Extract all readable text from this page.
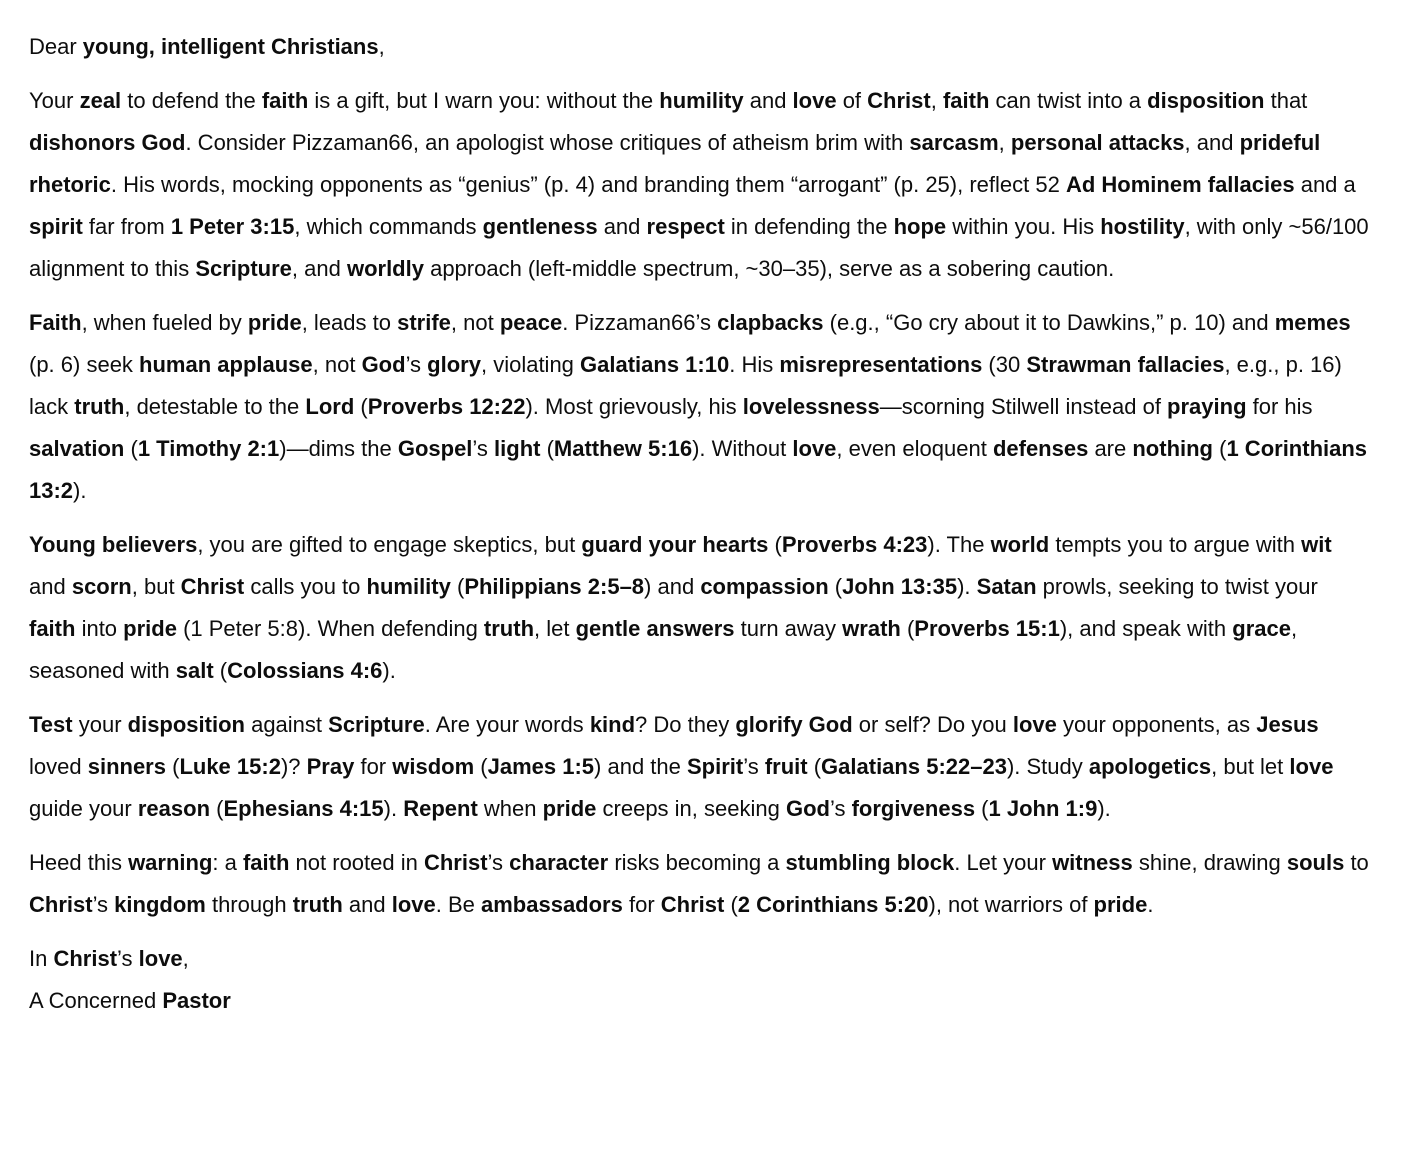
Dear young, intelligent Christians,

Your zeal to defend the faith is a gift, but I warn you: without the humility and love of Christ, faith can twist into a disposition that dishonors God. Consider Pizzaman66, an apologist whose critiques of atheism brim with sarcasm, personal attacks, and prideful rhetoric. His words, mocking opponents as “genius” (p. 4) and branding them “arrogant” (p. 25), reflect 52 Ad Hominem fallacies and a spirit far from 1 Peter 3:15, which commands gentleness and respect in defending the hope within you. His hostility, with only ~56/100 alignment to this Scripture, and worldly approach (left-middle spectrum, ~30–35), serve as a sobering caution.

Faith, when fueled by pride, leads to strife, not peace. Pizzaman66’s clapbacks (e.g., “Go cry about it to Dawkins,” p. 10) and memes (p. 6) seek human applause, not God’s glory, violating Galatians 1:10. His misrepresentations (30 Strawman fallacies, e.g., p. 16) lack truth, detestable to the Lord (Proverbs 12:22). Most grievously, his lovelessness—scorning Stilwell instead of praying for his salvation (1 Timothy 2:1)—dims the Gospel’s light (Matthew 5:16). Without love, even eloquent defenses are nothing (1 Corinthians 13:2).

Young believers, you are gifted to engage skeptics, but guard your hearts (Proverbs 4:23). The world tempts you to argue with wit and scorn, but Christ calls you to humility (Philippians 2:5–8) and compassion (John 13:35). Satan prowls, seeking to twist your faith into pride (1 Peter 5:8). When defending truth, let gentle answers turn away wrath (Proverbs 15:1), and speak with grace, seasoned with salt (Colossians 4:6).

Test your disposition against Scripture. Are your words kind? Do they glorify God or self? Do you love your opponents, as Jesus loved sinners (Luke 15:2)? Pray for wisdom (James 1:5) and the Spirit’s fruit (Galatians 5:22–23). Study apologetics, but let love guide your reason (Ephesians 4:15). Repent when pride creeps in, seeking God’s forgiveness (1 John 1:9).

Heed this warning: a faith not rooted in Christ’s character risks becoming a stumbling block. Let your witness shine, drawing souls to Christ’s kingdom through truth and love. Be ambassadors for Christ (2 Corinthians 5:20), not warriors of pride.

In Christ’s love,

A Concerned Pastor
